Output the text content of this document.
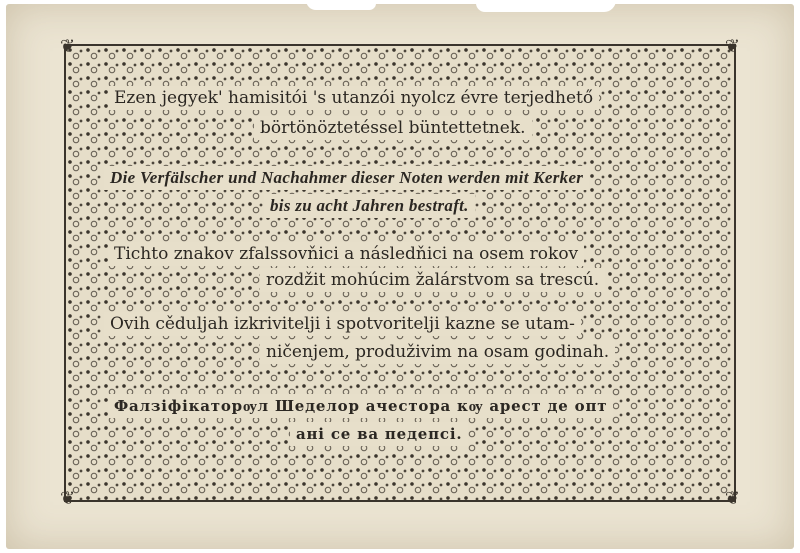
❦	❦
❦	❦
Ezen jegyek' hamisitói 's utanzói nyolcz évre terjedhető
börtönöztetéssel büntettetnek.
Die Verfälscher und Nachahmer dieser Noten werden mit Kerker
bis zu acht Jahren bestraft.
Tichto znakov zfalssovňici a následňici na osem rokov
rozdžit mohúcim žalárstvom sa trescú.
Ovih cěduljah izkrivitelji i spotvoritelji kazne se utam-
ničenjem, produživim na osam godinah.
Фалзіфікаторѹл Шеделор ачестора кѹ арест де опт
ані се ва педепсі.
